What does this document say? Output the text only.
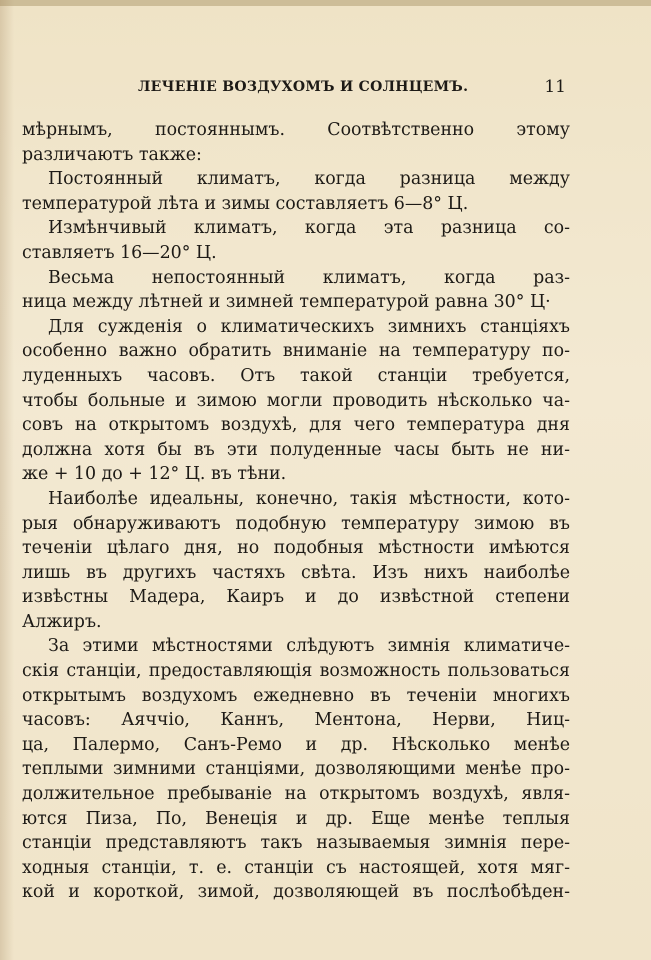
ЛЕЧЕНІЕ ВОЗДУХОМЪ И СОЛНЦЕМЪ.	11
мѣрнымъ, постояннымъ. Соотвѣтственно этому
различаютъ также:
Постоянный климатъ, когда разница между
температурой лѣта и зимы составляетъ 6—8° Ц.
Измѣнчивый климатъ, когда эта разница со-
ставляетъ 16—20° Ц.
Весьма непостоянный климатъ, когда раз-
ница между лѣтней и зимней температурой равна 30° Ц·
Для сужденія о климатическихъ зимнихъ станціяхъ
особенно важно обратить вниманіе на температуру по-
луденныхъ часовъ. Отъ такой станціи требуется,
чтобы больные и зимою могли проводить нѣсколько ча-
совъ на открытомъ воздухѣ, для чего температура дня
должна хотя бы въ эти полуденные часы быть не ни-
же + 10 до + 12° Ц. въ тѣни.
Наиболѣе идеальны, конечно, такія мѣстности, кото-
рыя обнаруживаютъ подобную температуру зимою въ
теченіи цѣлаго дня, но подобныя мѣстности имѣются
лишь въ другихъ частяхъ свѣта. Изъ нихъ наиболѣе
извѣстны Мадера, Каиръ и до извѣстной степени
Алжиръ.
За этими мѣстностями слѣдуютъ зимнія климатиче-
скія станціи, предоставляющія возможность пользоваться
открытымъ воздухомъ ежедневно въ теченіи многихъ
часовъ: Аяччіо, Каннъ, Ментона, Нерви, Ниц-
ца, Палермо, Санъ-Ремо и др. Нѣсколько менѣе
теплыми зимними станціями, дозволяющими менѣе про-
должительное пребываніе на открытомъ воздухѣ, явля-
ются Пиза, По, Венеція и др. Еще менѣе теплыя
станціи представляютъ такъ называемыя зимнія пере-
ходныя станціи, т. е. станціи съ настоящей, хотя мяг-
кой и короткой, зимой, дозволяющей въ послѣобѣден-
